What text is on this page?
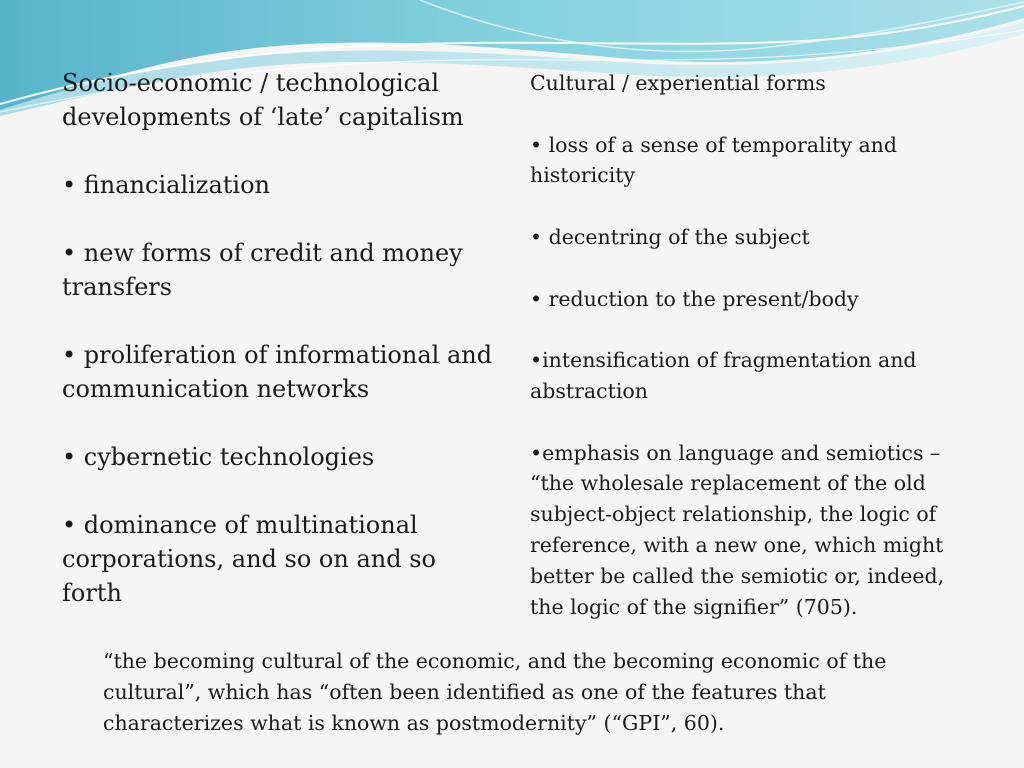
Socio-economic / technological
developments of ‘late’ capitalism
• financialization
• new forms of credit and money
transfers
• proliferation of informational and
communication networks
• cybernetic technologies
• dominance of multinational
corporations, and so on and so
forth
Cultural / experiential forms
• loss of a sense of temporality and
historicity
• decentring of the subject
• reduction to the present/body
•intensification of fragmentation and
abstraction
•emphasis on language and semiotics –
“the wholesale replacement of the old
subject-object relationship, the logic of
reference, with a new one, which might
better be called the semiotic or, indeed,
the logic of the signifier” (705).
“the becoming cultural of the economic, and the becoming economic of the
cultural”, which has “often been identified as one of the features that
characterizes what is known as postmodernity” (“GPI”, 60).
